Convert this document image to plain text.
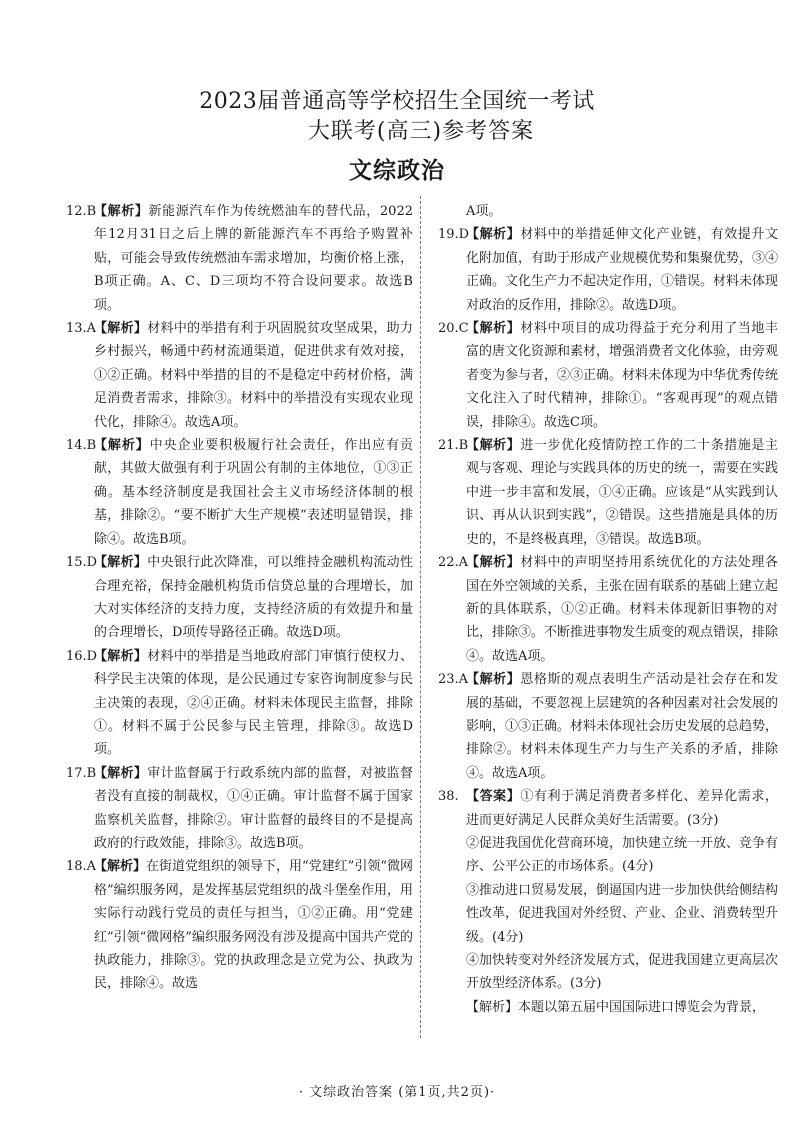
2023届普通高等学校招生全国统一考试
大联考(高三)参考答案
文综政治
12.B
【解析】新能源汽车作为传统燃油车的替代品，2022年12月31日之后上牌的新能源汽车不再给予购置补贴，可能会导致传统燃油车需求增加，均衡价格上涨，B项正确。A、C、D三项均不符合设问要求。故选B项。
13.A
【解析】材料中的举措有利于巩固脱贫攻坚成果，助力乡村振兴，畅通中药材流通渠道，促进供求有效对接，①②正确。材料中举措的目的不是稳定中药材价格，满足消费者需求，排除③。材料中的举措没有实现农业现代化，排除④。故选A项。
14.B
【解析】中央企业要积极履行社会责任，作出应有贡献，其做大做强有利于巩固公有制的主体地位，①③正确。基本经济制度是我国社会主义市场经济体制的根基，排除②。“要不断扩大生产规模”表述明显错误，排除④。故选B项。
15.D
【解析】中央银行此次降准，可以维持金融机构流动性合理充裕，保持金融机构货币信贷总量的合理增长，加大对实体经济的支持力度，支持经济质的有效提升和量的合理增长，D项传导路径正确。故选D项。
16.D
【解析】材料中的举措是当地政府部门审慎行使权力、科学民主决策的体现，是公民通过专家咨询制度参与民主决策的表现，②④正确。材料未体现民主监督，排除①。材料不属于公民参与民主管理，排除③。故选D项。
17.B
【解析】审计监督属于行政系统内部的监督，对被监督者没有直接的制裁权，①④正确。审计监督不属于国家监察机关监督，排除②。审计监督的最终目的不是提高政府的行政效能，排除③。故选B项。
18.A
【解析】在街道党组织的领导下，用“党建红”引领“微网格”编织服务网，是发挥基层党组织的战斗堡垒作用，用实际行动践行党员的责任与担当，①②正确。用“党建红”引领“微网格”编织服务网没有涉及提高中国共产党的执政能力，排除③。党的执政理念是立党为公、执政为民，排除④。故选
A项。
19.D
【解析】材料中的举措延伸文化产业链，有效提升文化附加值，有助于形成产业规模优势和集聚优势，③④正确。文化生产力不起决定作用，①错误。材料未体现对政治的反作用，排除②。故选D项。
20.C
【解析】材料中项目的成功得益于充分利用了当地丰富的唐文化资源和素材，增强消费者文化体验，由旁观者变为参与者，②③正确。材料未体现为中华优秀传统文化注入了时代精神，排除①。“客观再现”的观点错误，排除④。故选C项。
21.B
【解析】进一步优化疫情防控工作的二十条措施是主观与客观、理论与实践具体的历史的统一，需要在实践中进一步丰富和发展，①④正确。应该是“从实践到认识、再从认识到实践”，②错误。这些措施是具体的历史的，不是终极真理，③错误。故选B项。
22.A
【解析】材料中的声明坚持用系统优化的方法处理各国在外空领域的关系，主张在固有联系的基础上建立起新的具体联系，①②正确。材料未体现新旧事物的对比，排除③。不断推进事物发生质变的观点错误，排除④。故选A项。
23.A
【解析】恩格斯的观点表明生产活动是社会存在和发展的基础，不要忽视上层建筑的各种因素对社会发展的影响，①③正确。材料未体现社会历史发展的总趋势，排除②。材料未体现生产力与生产关系的矛盾，排除④。故选A项。
38. 【答案】①有利于满足消费者多样化、差异化需求，进而更好满足人民群众美好生活需要。(3分)
②促进我国优化营商环境，加快建立统一开放、竞争有序、公平公正的市场体系。(4分)
③推动进口贸易发展，倒逼国内进一步加快供给侧结构性改革，促进我国对外经贸、产业、企业、消费转型升级。(4分)
④加快转变对外经济发展方式，促进我国建立更高层次开放型经济体系。(3分)
【解析】本题以第五届中国国际进口博览会为背景，
· 文综政治答案 (第1页,共2页)·
